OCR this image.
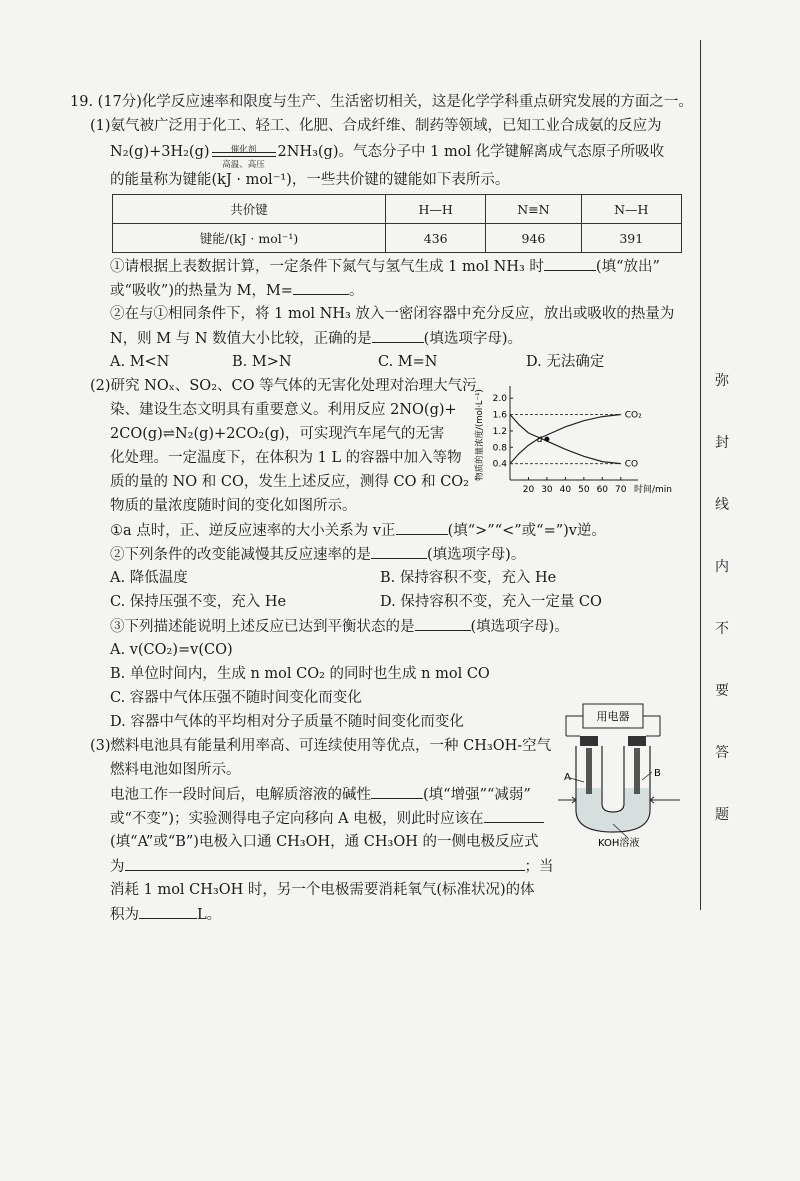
弥
封
线
内
不
要
答
题
19. (17分)化学反应速率和限度与生产、生活密切相关，这是化学学科重点研究发展的方面之一。
(1)氨气被广泛用于化工、轻工、化肥、合成纤维、制药等领域，已知工业合成氨的反应为
N₂(g)+3H₂(g)	催化剂
高温、高压
2NH₃(g)。气态分子中 1 mol 化学键解离成气态原子所吸收
的能量称为键能(kJ · mol⁻¹)，一些共价键的键能如下表所示。
共价键	H—H	N≡N	N—H
键能/(kJ · mol⁻¹)	436	946	391
①请根据上表数据计算，一定条件下氮气与氢气生成 1 mol NH₃ 时	(填“放出”
或“吸收”)的热量为 M，M=	。
②在与①相同条件下，将 1 mol NH₃ 放入一密闭容器中充分反应，放出或吸收的热量为
N，则 M 与 N 数值大小比较，正确的是	(填选项字母)。
A. M<N	B. M>N	C. M=N	D. 无法确定
(2)研究 NOₓ、SO₂、CO 等气体的无害化处理对治理大气污
染、建设生态文明具有重要意义。利用反应 2NO(g)+
2CO(g)⇌N₂(g)+2CO₂(g)，可实现汽车尾气的无害
化处理。一定温度下，在体积为 1 L 的容器中加入等物
质的量的 NO 和 CO，发生上述反应，测得 CO 和 CO₂
物质的量浓度随时间的变化如图所示。
20 30 40 50 60 70
0.4
0.8
1.2
1.6
2.0
时间/min
物质的量浓度/(mol·L⁻¹)	CO₂
CO
a
①a 点时，正、逆反应速率的大小关系为 v正	(填“>”“<”或“=”)v逆。
②下列条件的改变能减慢其反应速率的是	(填选项字母)。
A. 降低温度	B. 保持容积不变，充入 He
C. 保持压强不变，充入 He	D. 保持容积不变，充入一定量 CO
③下列描述能说明上述反应已达到平衡状态的是	(填选项字母)。
A. v(CO₂)=v(CO)
B. 单位时间内，生成 n mol CO₂ 的同时也生成 n mol CO
C. 容器中气体压强不随时间变化而变化
D. 容器中气体的平均相对分子质量不随时间变化而变化
(3)燃料电池具有能量利用率高、可连续使用等优点，一种 CH₃OH-空气
燃料电池如图所示。
电池工作一段时间后，电解质溶液的碱性	(填“增强”“减弱”
或“不变”)；实验测得电子定向移向 A 电极，则此时应该在
(填“A”或“B”)电极入口通 CH₃OH，通 CH₃OH 的一侧电极反应式
为	；当
消耗 1 mol CH₃OH 时，另一个电极需要消耗氧气(标准状况)的体
积为	L。
用电器
A	B
KOH溶液
